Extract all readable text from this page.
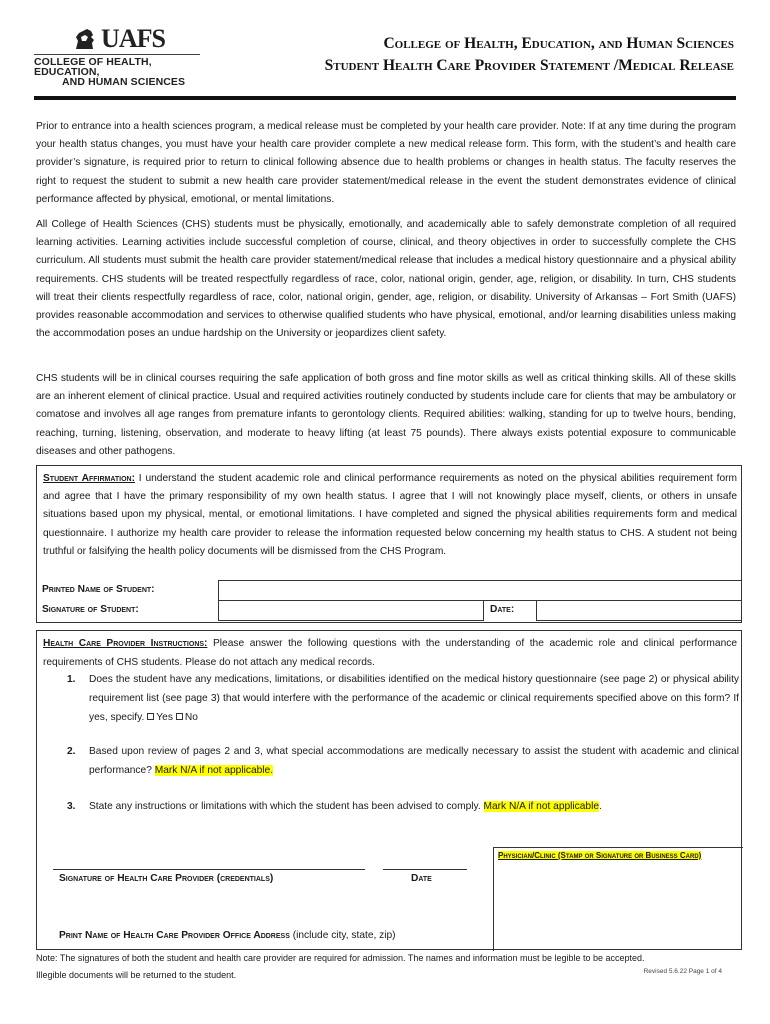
UAFS
COLLEGE OF HEALTH, EDUCATION,
AND HUMAN SCIENCES
College of Health, Education, and Human Sciences
Student Health Care Provider Statement /Medical Release

Prior to entrance into a health sciences program, a medical release must be completed by your health care provider. Note: If at any time during the program your health status changes, you must have your health care provider complete a new medical release form. This form, with the student’s and health care provider’s signature, is required prior to return to clinical following absence due to health problems or changes in health status. The faculty reserves the right to request the student to submit a new health care provider statement/medical release in the event the student demonstrates evidence of clinical performance affected by physical, emotional, or mental limitations.

All College of Health Sciences (CHS) students must be physically, emotionally, and academically able to safely demonstrate completion of all required learning activities. Learning activities include successful completion of course, clinical, and theory objectives in order to successfully complete the CHS curriculum. All students must submit the health care provider statement/medical release that includes a medical history questionnaire and a physical ability requirements. CHS students will be treated respectfully regardless of race, color, national origin, gender, age, religion, or disability. In turn, CHS students will treat their clients respectfully regardless of race, color, national origin, gender, age, religion, or disability. University of Arkansas – Fort Smith (UAFS) provides reasonable accommodation and services to otherwise qualified students who have physical, emotional, and/or learning disabilities unless making the accommodation poses an undue hardship on the University or jeopardizes client safety.

CHS students will be in clinical courses requiring the safe application of both gross and fine motor skills as well as critical thinking skills. All of these skills are an inherent element of clinical practice. Usual and required activities routinely conducted by students include care for clients that may be ambulatory or comatose and involves all age ranges from premature infants to gerontology clients. Required abilities: walking, standing for up to twelve hours, bending, reaching, turning, listening, observation, and moderate to heavy lifting (at least 75 pounds). There always exists potential exposure to communicable diseases and other pathogens.

Student Affirmation: I understand the student academic role and clinical performance requirements as noted on the physical abilities requirement form and agree that I have the primary responsibility of my own health status. I agree that I will not knowingly place myself, clients, or others in unsafe situations based upon my physical, mental, or emotional limitations. I have completed and signed the physical abilities requirements form and medical questionnaire. I authorize my health care provider to release the information requested below concerning my health status to CHS. A student not being truthful or falsifying the health policy documents will be dismissed from the CHS Program.
Printed Name of Student:
Signature of Student:	Date:
Health Care Provider Instructions: Please answer the following questions with the understanding of the academic role and clinical performance requirements of CHS students. Please do not attach any medical records.
1. Does the student have any medications, limitations, or disabilities identified on the medical history questionnaire (see page 2) or physical ability requirement list (see page 3) that would interfere with the performance of the academic or clinical requirements specified above on this form? If yes, specify. Yes No
2. Based upon review of pages 2 and 3, what special accommodations are medically necessary to assist the student with academic and clinical performance? Mark N/A if not applicable.
3. State any instructions or limitations with which the student has been advised to comply. Mark N/A if not applicable.
Physician/Clinic (Stamp or Signature or Business Card)
Signature of Health Care Provider (credentials)	Date
Print Name of Health Care Provider Office Address (include city, state, zip)
Note: The signatures of both the student and health care provider are required for admission. The names and information must be legible to be accepted.
Illegible documents will be returned to the student.	Revised 5.6.22 Page 1 of 4
